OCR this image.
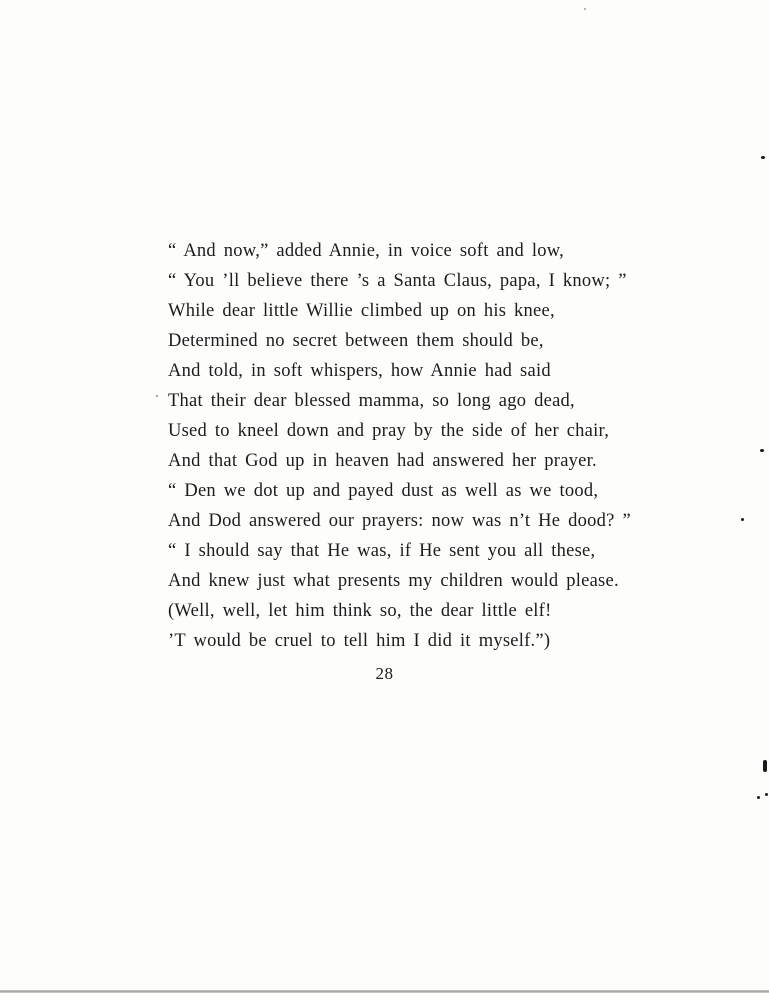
“ And now,” added Annie, in voice soft and low,
“ You ’ll believe there ’s a Santa Claus, papa, I know; ”
While dear little Willie climbed up on his knee,
Determined no secret between them should be,
And told, in soft whispers, how Annie had said
That their dear blessed mamma, so long ago dead,
Used to kneel down and pray by the side of her chair,
And that God up in heaven had answered her prayer.
“ Den we dot up and payed dust as well as we tood,
And Dod answered our prayers: now was n’t He dood? ”
“ I should say that He was, if He sent you all these,
And knew just what presents my children would please.
(Well, well, let him think so, the dear little elf!
’T would be cruel to tell him I did it myself.”)
28
